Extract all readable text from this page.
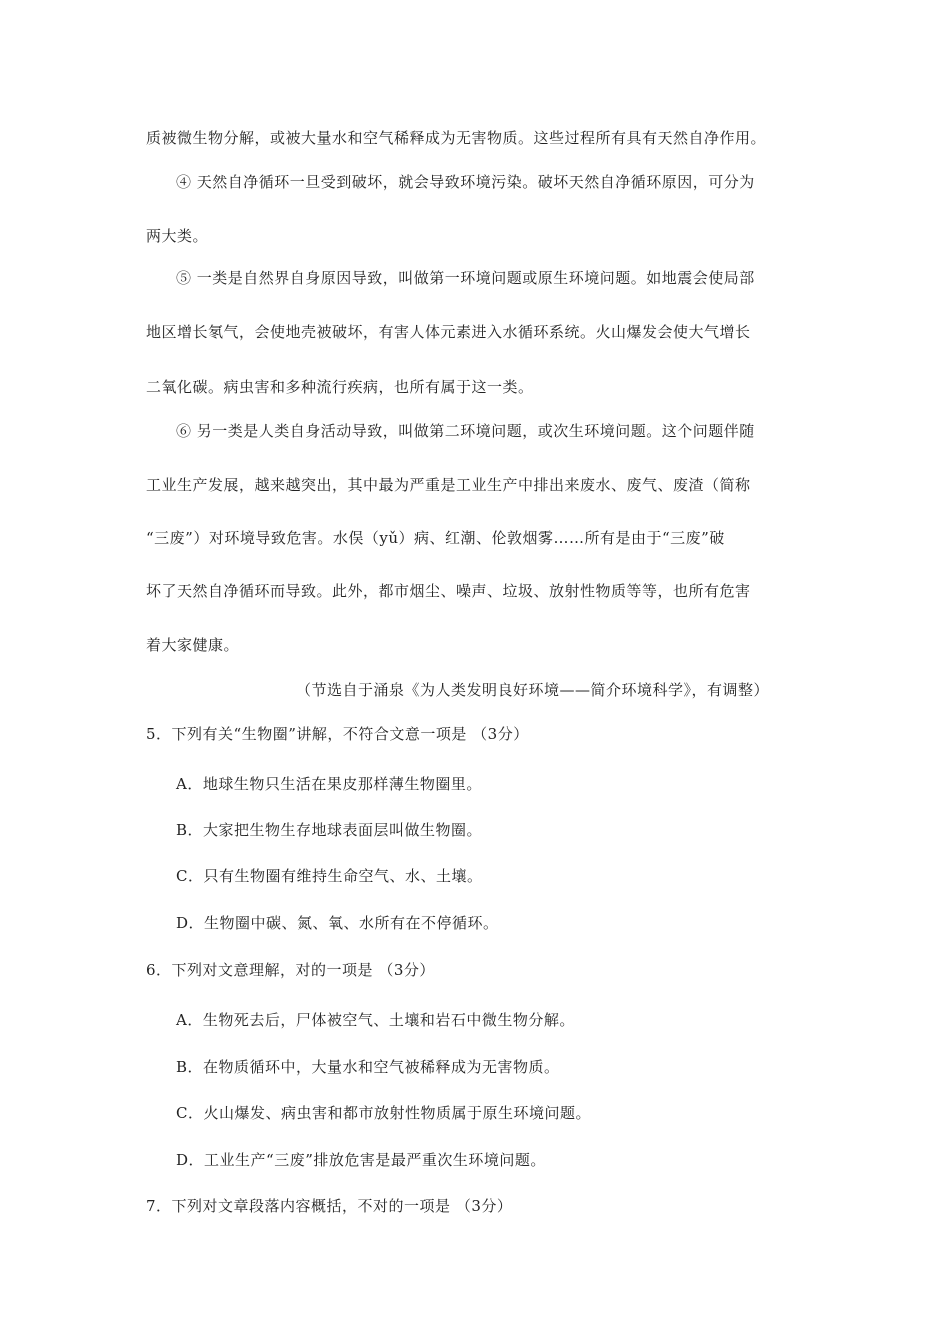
质被微生物分解，或被大量水和空气稀释成为无害物质。这些过程所有具有天然自净作用。
④ 天然自净循环一旦受到破坏，就会导致环境污染。破坏天然自净循环原因，可分为
两大类。
⑤ 一类是自然界自身原因导致，叫做第一环境问题或原生环境问题。如地震会使局部
地区增长氡气，会使地壳被破坏，有害人体元素进入水循环系统。火山爆发会使大气增长
二氧化碳。病虫害和多种流行疾病，也所有属于这一类。
⑥ 另一类是人类自身活动导致，叫做第二环境问题，或次生环境问题。这个问题伴随
工业生产发展，越来越突出，其中最为严重是工业生产中排出来废水、废气、废渣（简称
“三废”）对环境导致危害。水俣（yǔ）病、红潮、伦敦烟雾……所有是由于“三废”破
坏了天然自净循环而导致。此外，都市烟尘、噪声、垃圾、放射性物质等等，也所有危害
着大家健康。
（节选自于涌泉《为人类发明良好环境——简介环境科学》，有调整）
5．下列有关“生物圈”讲解，不符合文意一项是 （3分）
A．地球生物只生活在果皮那样薄生物圈里。
B．大家把生物生存地球表面层叫做生物圈。
C．只有生物圈有维持生命空气、水、土壤。
D．生物圈中碳、氮、氧、水所有在不停循环。
6．下列对文意理解，对的一项是 （3分）
A．生物死去后，尸体被空气、土壤和岩石中微生物分解。
B．在物质循环中，大量水和空气被稀释成为无害物质。
C．火山爆发、病虫害和都市放射性物质属于原生环境问题。
D．工业生产“三废”排放危害是最严重次生环境问题。
7．下列对文章段落内容概括，不对的一项是 （3分）
